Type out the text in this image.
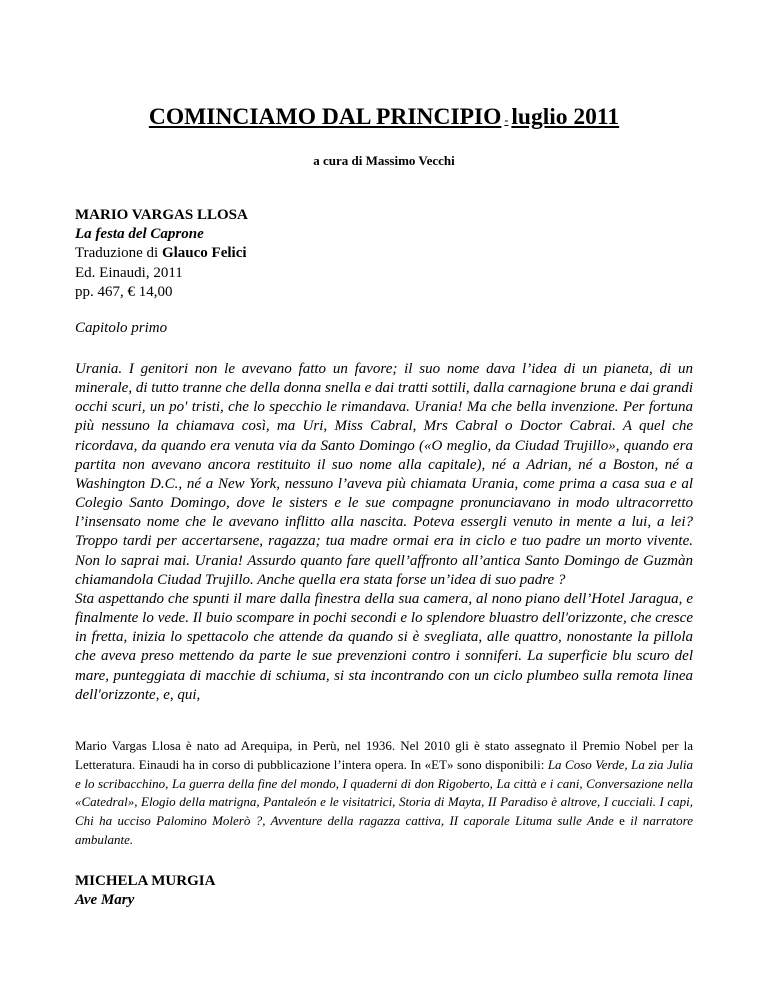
COMINCIAMO DAL PRINCIPIO - luglio 2011
a cura di Massimo Vecchi
MARIO VARGAS LLOSA
La festa del Caprone
Traduzione di Glauco Felici
Ed. Einaudi, 2011
pp. 467, € 14,00
Capitolo primo

Urania. I genitori non le avevano fatto un favore; il suo nome dava l’idea di un pianeta, di un minerale, di tutto tranne che della donna snella e dai tratti sottili, dalla carnagione bruna e dai grandi occhi scuri, un po' tristi, che lo specchio le rimandava. Urania! Ma che bella invenzione. Per fortuna più nessuno la chiamava così, ma Uri, Miss Cabral, Mrs Cabral o Doctor Cabrai. A quel che ricordava, da quando era venuta via da Santo Domingo («O meglio, da Ciudad Trujillo», quando era partita non avevano ancora restituito il suo nome alla capitale), né a Adrian, né a Boston, né a Washington D.C., né a New York, nessuno l’aveva più chiamata Urania, come prima a casa sua e al Colegio Santo Domingo, dove le sisters e le sue compagne pronunciavano in modo ultracorretto l’insensato nome che le avevano inflitto alla nascita. Poteva essergli venuto in mente a lui, a lei? Troppo tardi per accertarsene, ragazza; tua madre ormai era in ciclo e tuo padre un morto vivente. Non lo saprai mai. Urania! Assurdo quanto fare quell’affronto all’antica Santo Domingo de Guzmàn chiamandola Ciudad Trujillo. Anche quella era stata forse un’idea di suo padre ?

Sta aspettando che spunti il mare dalla finestra della sua camera, al nono piano dell’Hotel Jaragua, e finalmente lo vede. Il buio scompare in pochi secondi e lo splendore bluastro dell'orizzonte, che cresce in fretta, inizia lo spettacolo che attende da quando si è svegliata, alle quattro, nonostante la pillola che aveva preso mettendo da parte le sue prevenzioni contro i sonniferi. La superficie blu scuro del mare, punteggiata di macchie di schiuma, si sta incontrando con un ciclo plumbeo sulla remota linea dell'orizzonte, e, qui,

Mario Vargas Llosa è nato ad Arequipa, in Perù, nel 1936. Nel 2010 gli è stato assegnato il Premio Nobel per la Letteratura. Einaudi ha in corso di pubblicazione l’intera opera. In «ET» sono disponibili: La Coso Verde, La zia Julia e lo scribacchino, La guerra della fine del mondo, I quaderni di don Rigoberto, La città e i cani, Conversazione nella «Catedral», Elogio della matrigna, Pantaleón e le visitatrici, Storia di Mayta, II Paradiso è altrove, I cucciali. I capi, Chi ha ucciso Palomino Molerò ?, Avventure della ragazza cattiva, II caporale Lituma sulle Ande e il narratore ambulante.
MICHELA MURGIA
Ave Mary
